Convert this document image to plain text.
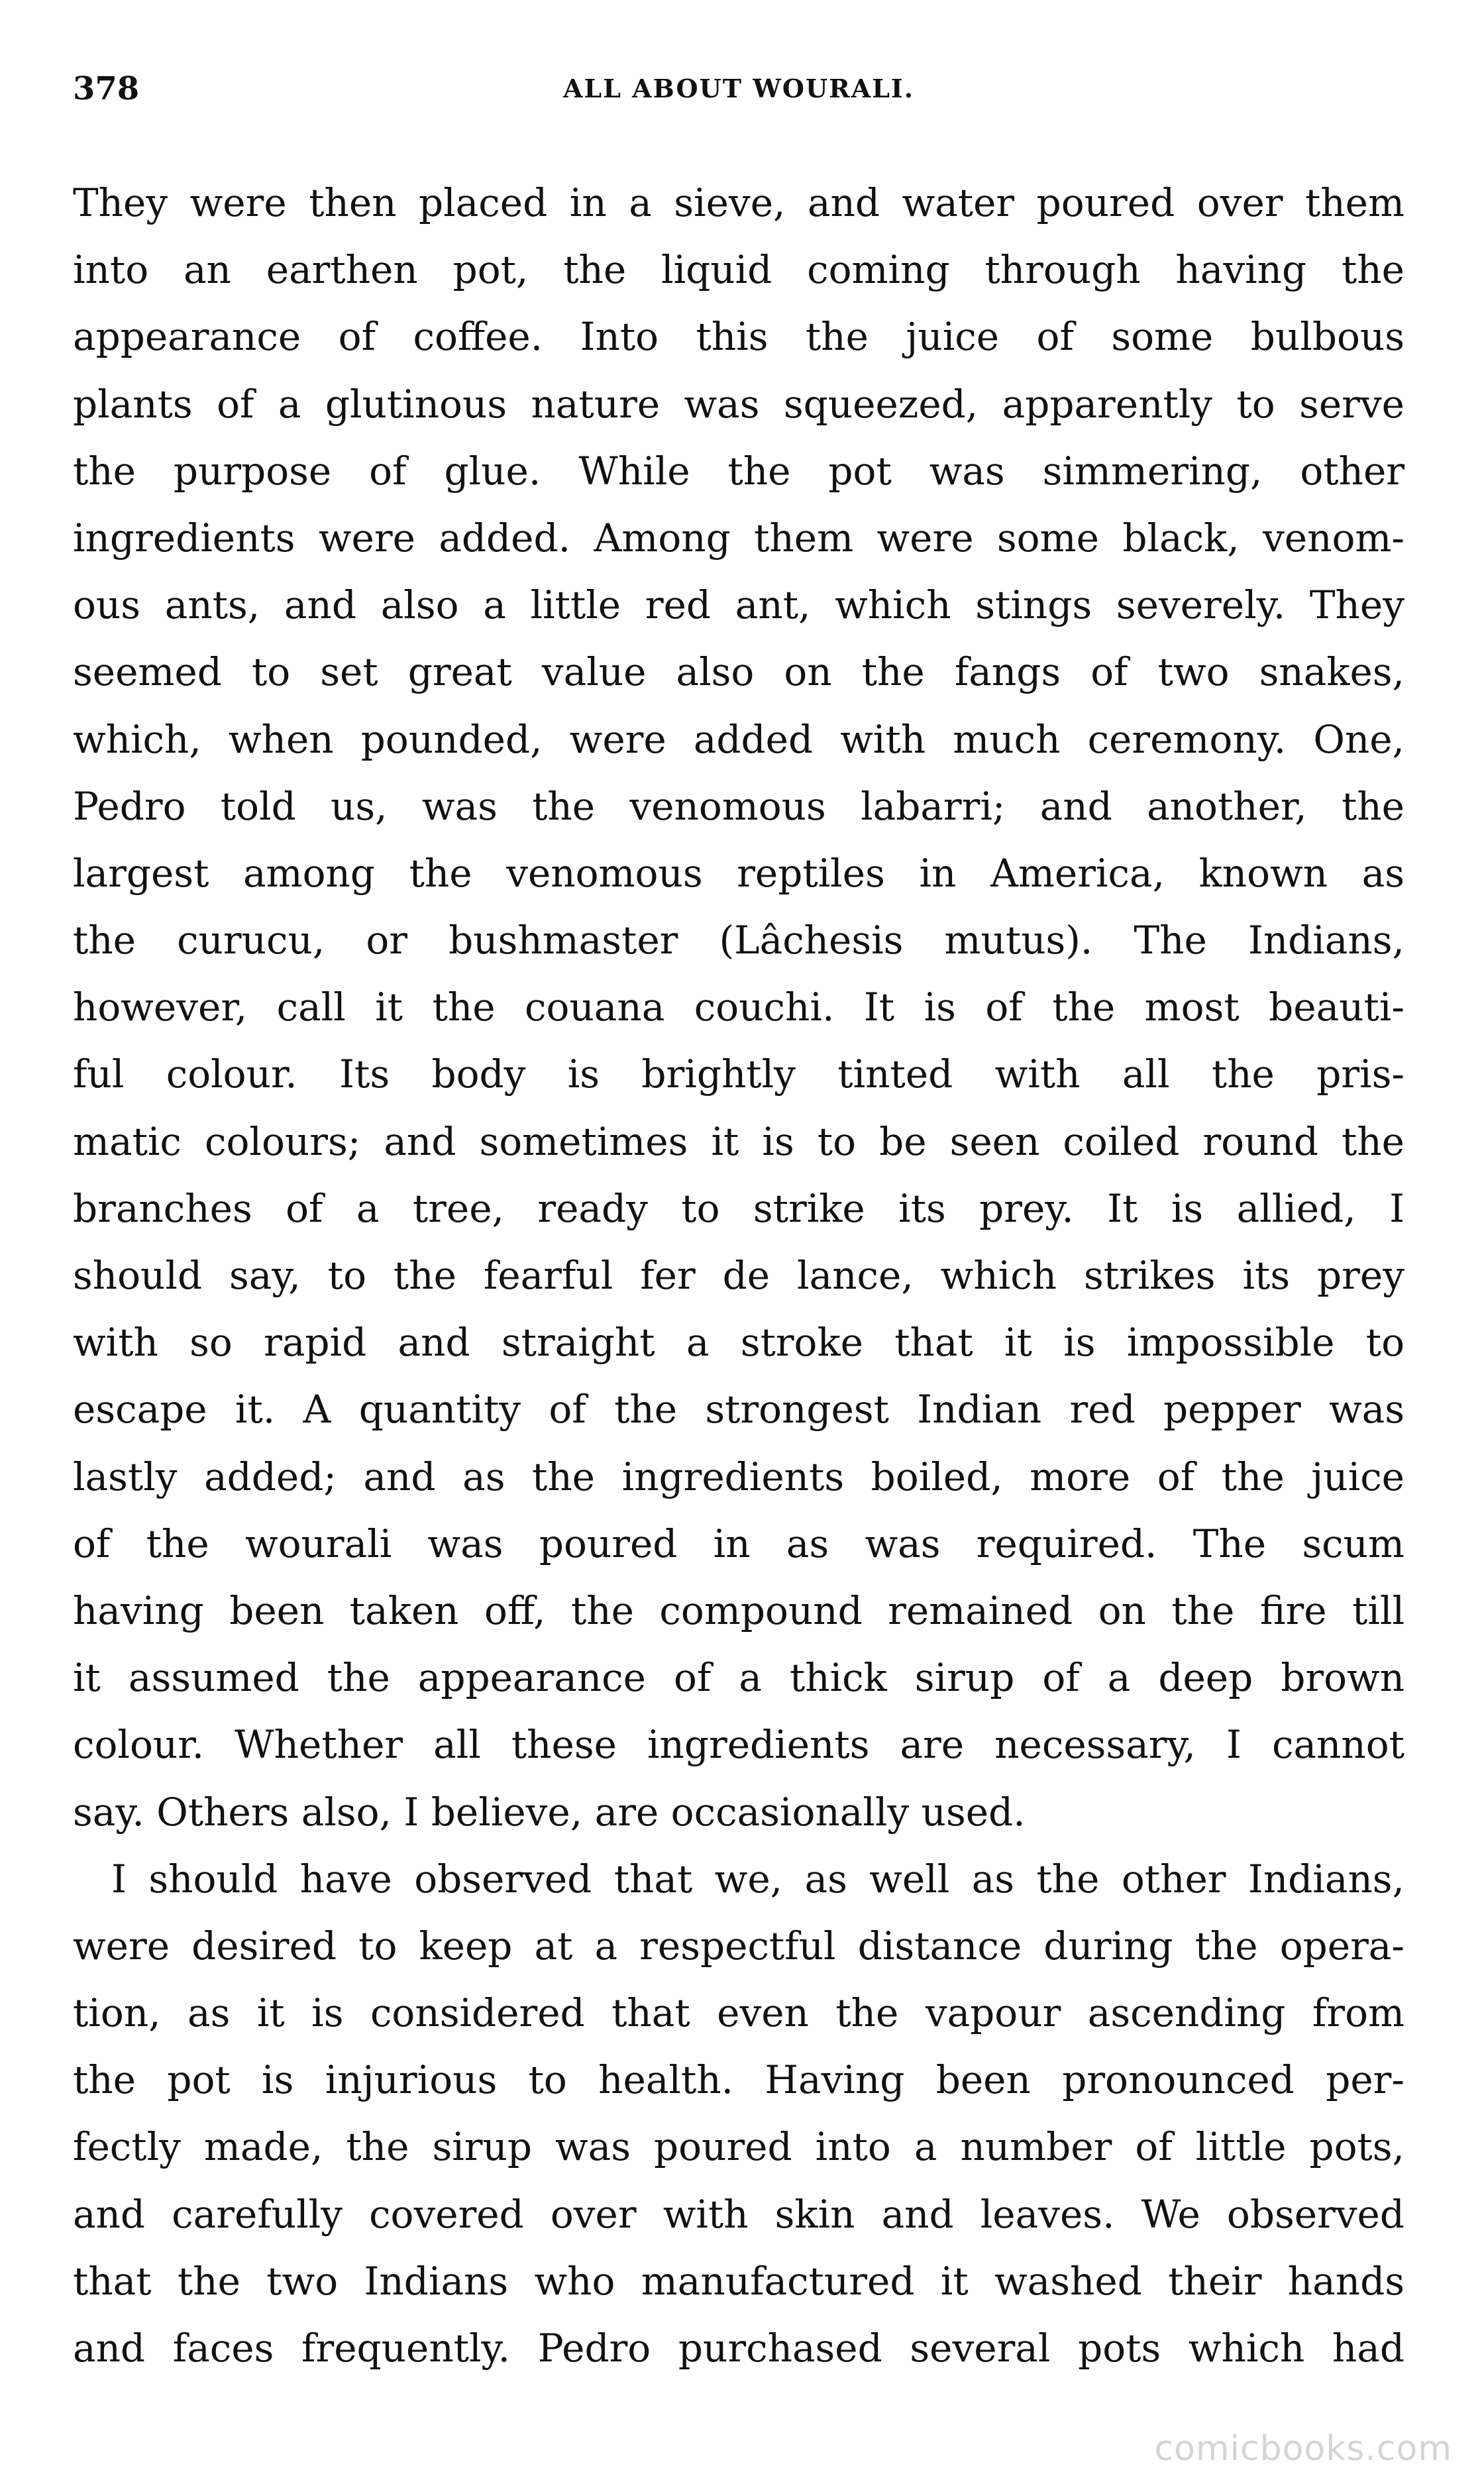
378	ALL ABOUT WOURALI.
They were then placed in a sieve, and water poured over them
into an earthen pot, the liquid coming through having the
appearance of coffee. Into this the juice of some bulbous
plants of a glutinous nature was squeezed, apparently to serve
the purpose of glue. While the pot was simmering, other
ingredients were added. Among them were some black, venom-
ous ants, and also a little red ant, which stings severely. They
seemed to set great value also on the fangs of two snakes,
which, when pounded, were added with much ceremony. One,
Pedro told us, was the venomous labarri; and another, the
largest among the venomous reptiles in America, known as
the curucu, or bushmaster (Lâchesis mutus). The Indians,
however, call it the couana couchi. It is of the most beauti-
ful colour. Its body is brightly tinted with all the pris-
matic colours; and sometimes it is to be seen coiled round the
branches of a tree, ready to strike its prey. It is allied, I
should say, to the fearful fer de lance, which strikes its prey
with so rapid and straight a stroke that it is impossible to
escape it. A quantity of the strongest Indian red pepper was
lastly added; and as the ingredients boiled, more of the juice
of the wourali was poured in as was required. The scum
having been taken off, the compound remained on the fire till
it assumed the appearance of a thick sirup of a deep brown
colour. Whether all these ingredients are necessary, I cannot
say. Others also, I believe, are occasionally used.
I should have observed that we, as well as the other Indians,
were desired to keep at a respectful distance during the opera-
tion, as it is considered that even the vapour ascending from
the pot is injurious to health. Having been pronounced per-
fectly made, the sirup was poured into a number of little pots,
and carefully covered over with skin and leaves. We observed
that the two Indians who manufactured it washed their hands
and faces frequently. Pedro purchased several pots which had
comicbooks.com
